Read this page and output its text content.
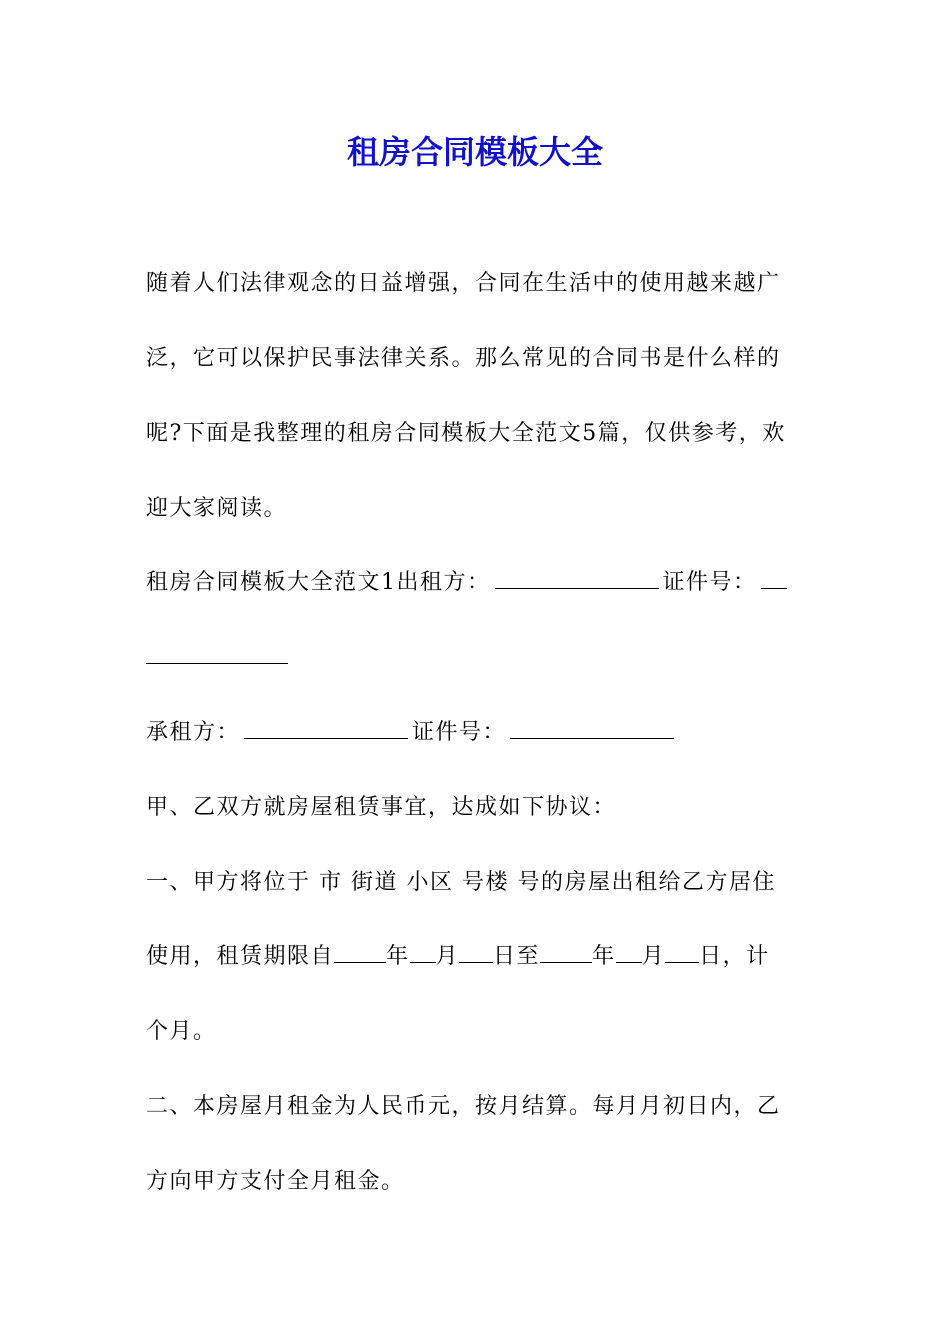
租房合同模板大全

随着人们法律观念的日益增强，合同在生活中的使用越来越广

泛，它可以保护民事法律关系。那么常见的合同书是什么样的

呢?下面是我整理的租房合同模板大全范文5篇，仅供参考，欢

迎大家阅读。

租房合同模板大全范文1出租方：	证件号：

承租方：	证件号：

甲、乙双方就房屋租赁事宜，达成如下协议：

一、甲方将位于 市 街道 小区 号楼 号的房屋出租给乙方居住

使用，租赁期限自 年 月 日至 年 月 日，计

个月。

二、本房屋月租金为人民币元，按月结算。每月月初日内，乙

方向甲方支付全月租金。
